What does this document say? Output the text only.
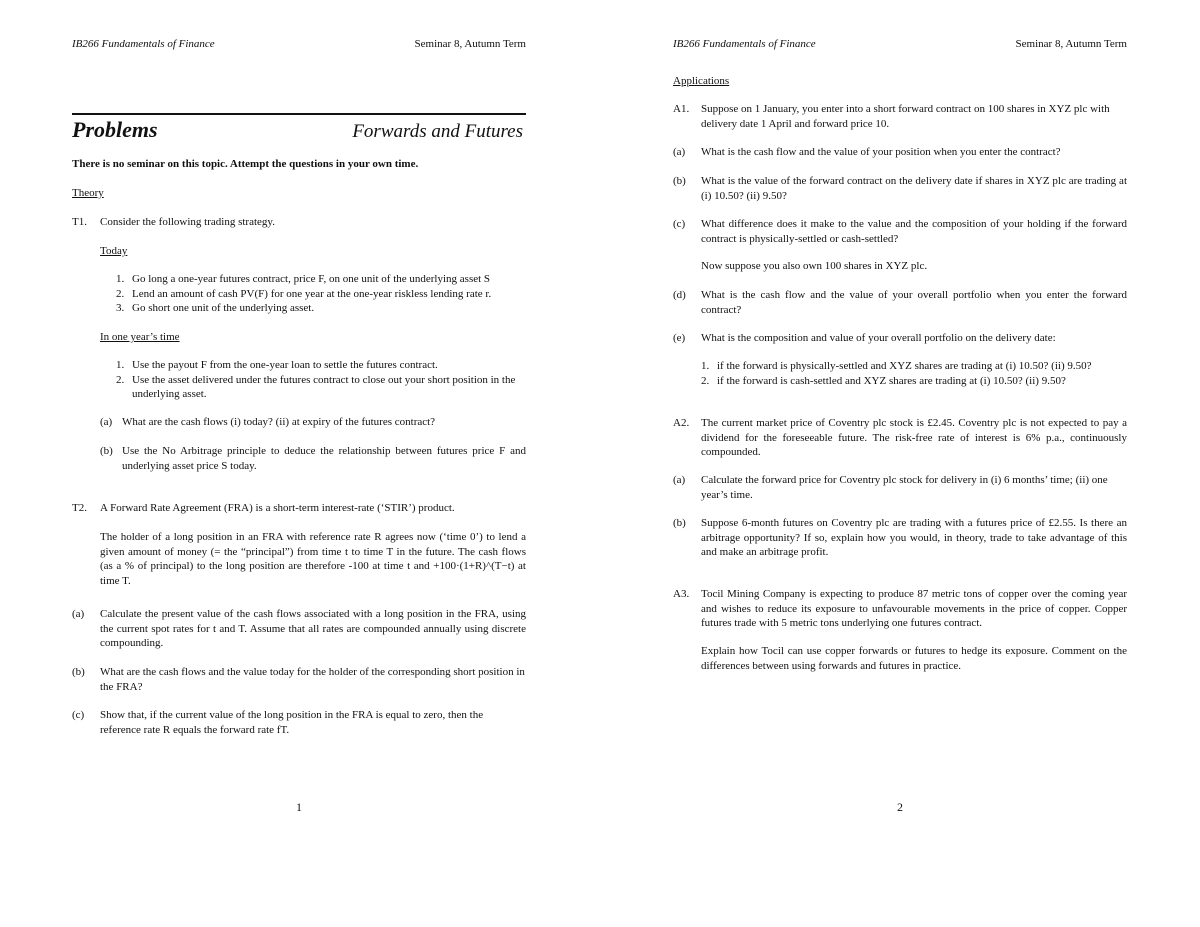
IB266 Fundamentals of Finance	Seminar 8, Autumn Term
Problems	Forwards and Futures
There is no seminar on this topic. Attempt the questions in your own time.
Theory
T1. Consider the following trading strategy.
Today
1. Go long a one-year futures contract, price F, on one unit of the underlying asset S
2. Lend an amount of cash PV(F) for one year at the one-year riskless lending rate r.
3. Go short one unit of the underlying asset.
In one year’s time
1. Use the payout F from the one-year loan to settle the futures contract.
2. Use the asset delivered under the futures contract to close out your short position in the underlying asset.
(a) What are the cash flows (i) today? (ii) at expiry of the futures contract?
(b) Use the No Arbitrage principle to deduce the relationship between futures price F and underlying asset price S today.
T2. A Forward Rate Agreement (FRA) is a short-term interest-rate (‘STIR’) product.
The holder of a long position in an FRA with reference rate R agrees now (‘time 0’) to lend a given amount of money (= the “principal”) from time t to time T in the future. The cash flows (as a % of principal) to the long position are therefore -100 at time t and +100·(1+R)^(T−t) at time T.
(a) Calculate the present value of the cash flows associated with a long position in the FRA, using the current spot rates for t and T. Assume that all rates are compounded annually using discrete compounding.
(b) What are the cash flows and the value today for the holder of the corresponding short position in the FRA?
(c) Show that, if the current value of the long position in the FRA is equal to zero, then the reference rate R equals the forward rate fT.
1
IB266 Fundamentals of Finance	Seminar 8, Autumn Term
Applications
A1. Suppose on 1 January, you enter into a short forward contract on 100 shares in XYZ plc with delivery date 1 April and forward price 10.
(a) What is the cash flow and the value of your position when you enter the contract?
(b) What is the value of the forward contract on the delivery date if shares in XYZ plc are trading at (i) 10.50? (ii) 9.50?
(c) What difference does it make to the value and the composition of your holding if the forward contract is physically-settled or cash-settled?
Now suppose you also own 100 shares in XYZ plc.
(d) What is the cash flow and the value of your overall portfolio when you enter the forward contract?
(e) What is the composition and value of your overall portfolio on the delivery date:
1. if the forward is physically-settled and XYZ shares are trading at (i) 10.50? (ii) 9.50?
2. if the forward is cash-settled and XYZ shares are trading at (i) 10.50? (ii) 9.50?
A2. The current market price of Coventry plc stock is £2.45. Coventry plc is not expected to pay a dividend for the foreseeable future. The risk-free rate of interest is 6% p.a., continuously compounded.
(a) Calculate the forward price for Coventry plc stock for delivery in (i) 6 months’ time; (ii) one year’s time.
(b) Suppose 6-month futures on Coventry plc are trading with a futures price of £2.55. Is there an arbitrage opportunity? If so, explain how you would, in theory, trade to take advantage of this and make an arbitrage profit.
A3. Tocil Mining Company is expecting to produce 87 metric tons of copper over the coming year and wishes to reduce its exposure to unfavourable movements in the price of copper. Copper futures trade with 5 metric tons underlying one futures contract.
Explain how Tocil can use copper forwards or futures to hedge its exposure. Comment on the differences between using forwards and futures in practice.
2
